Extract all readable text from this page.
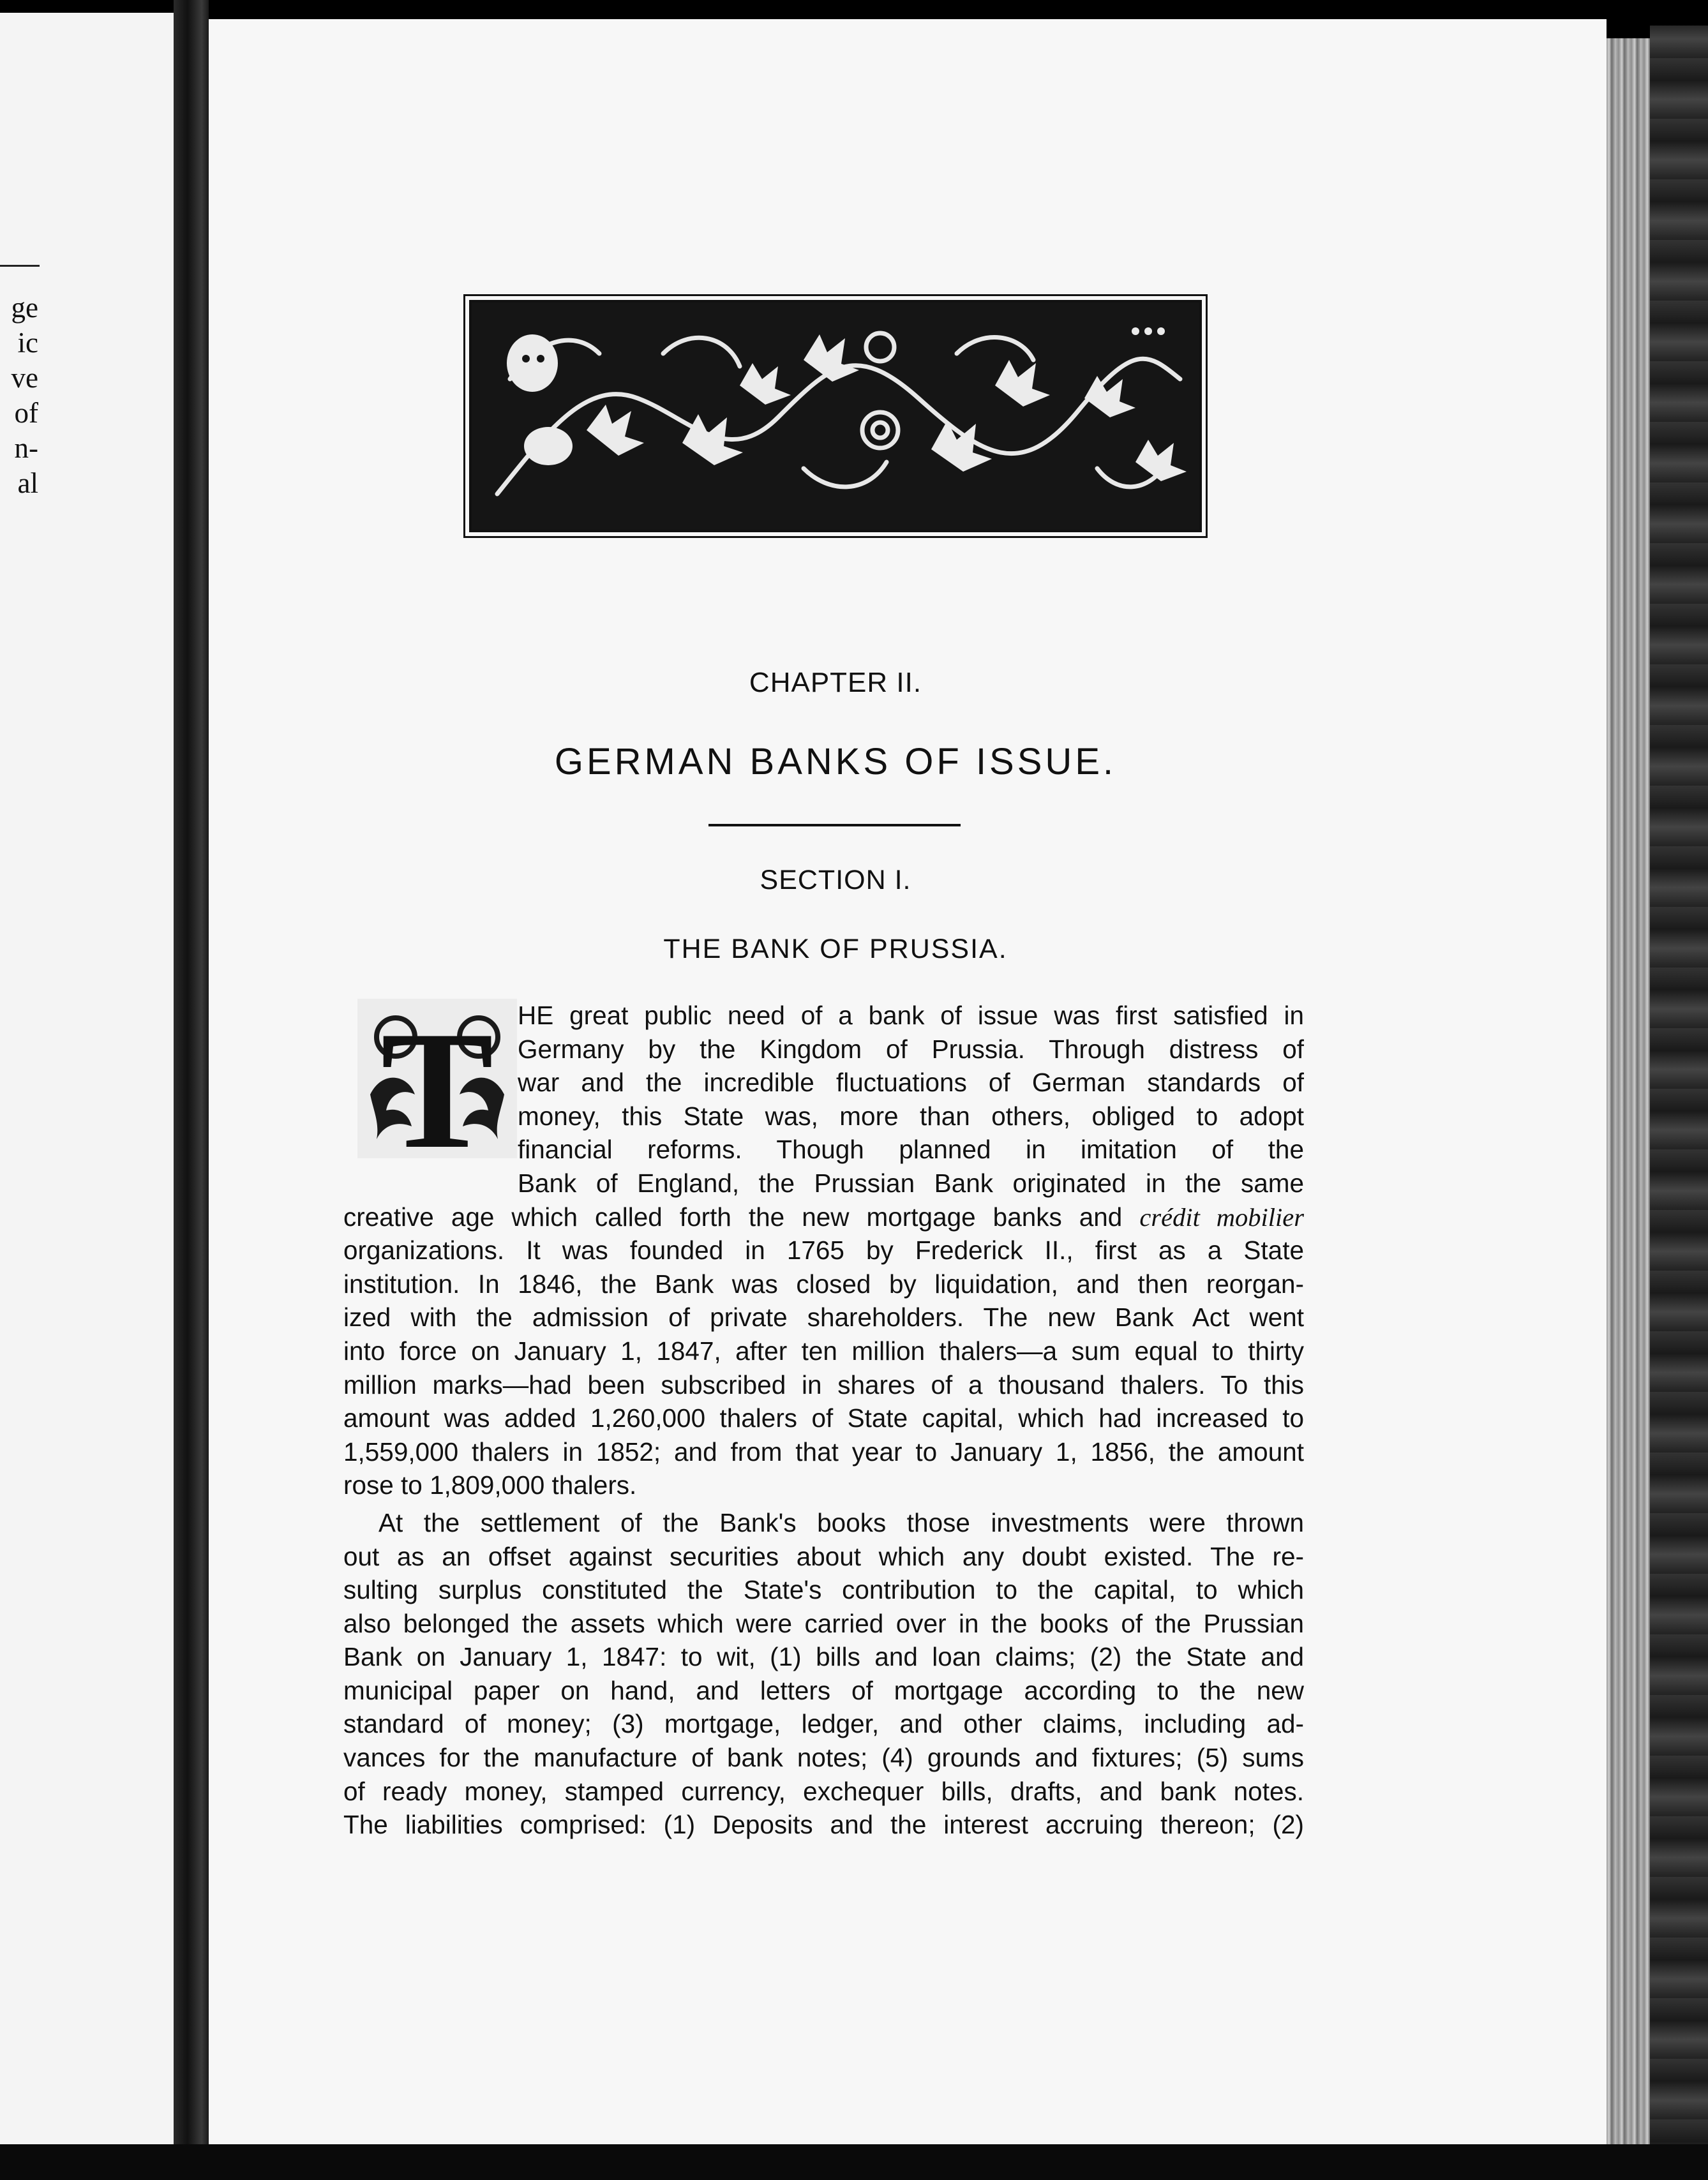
ge
ic
ve
of
n-
al
CHAPTER II.
GERMAN BANKS OF ISSUE.
SECTION I.
THE BANK OF PRUSSIA.
T HE great public need of a bank of issue was first satisfied in
Germany by the Kingdom of Prussia. Through distress of
war and the incredible fluctuations of German standards of
money, this State was, more than others, obliged to adopt
financial reforms. Though planned in imitation of the
Bank of England, the Prussian Bank originated in the same
creative age which called forth the new mortgage banks and crédit mobilier
organizations. It was founded in 1765 by Frederick II., first as a State
institution. In 1846, the Bank was closed by liquidation, and then reorgan-
ized with the admission of private shareholders. The new Bank Act went
into force on January 1, 1847, after ten million thalers—a sum equal to thirty
million marks—had been subscribed in shares of a thousand thalers. To this
amount was added 1,260,000 thalers of State capital, which had increased to
1,559,000 thalers in 1852; and from that year to January 1, 1856, the amount
rose to 1,809,000 thalers.
At the settlement of the Bank's books those investments were thrown
out as an offset against securities about which any doubt existed. The re-
sulting surplus constituted the State's contribution to the capital, to which
also belonged the assets which were carried over in the books of the Prussian
Bank on January 1, 1847: to wit, (1) bills and loan claims; (2) the State and
municipal paper on hand, and letters of mortgage according to the new
standard of money; (3) mortgage, ledger, and other claims, including ad-
vances for the manufacture of bank notes; (4) grounds and fixtures; (5) sums
of ready money, stamped currency, exchequer bills, drafts, and bank notes.
The liabilities comprised: (1) Deposits and the interest accruing thereon; (2)
